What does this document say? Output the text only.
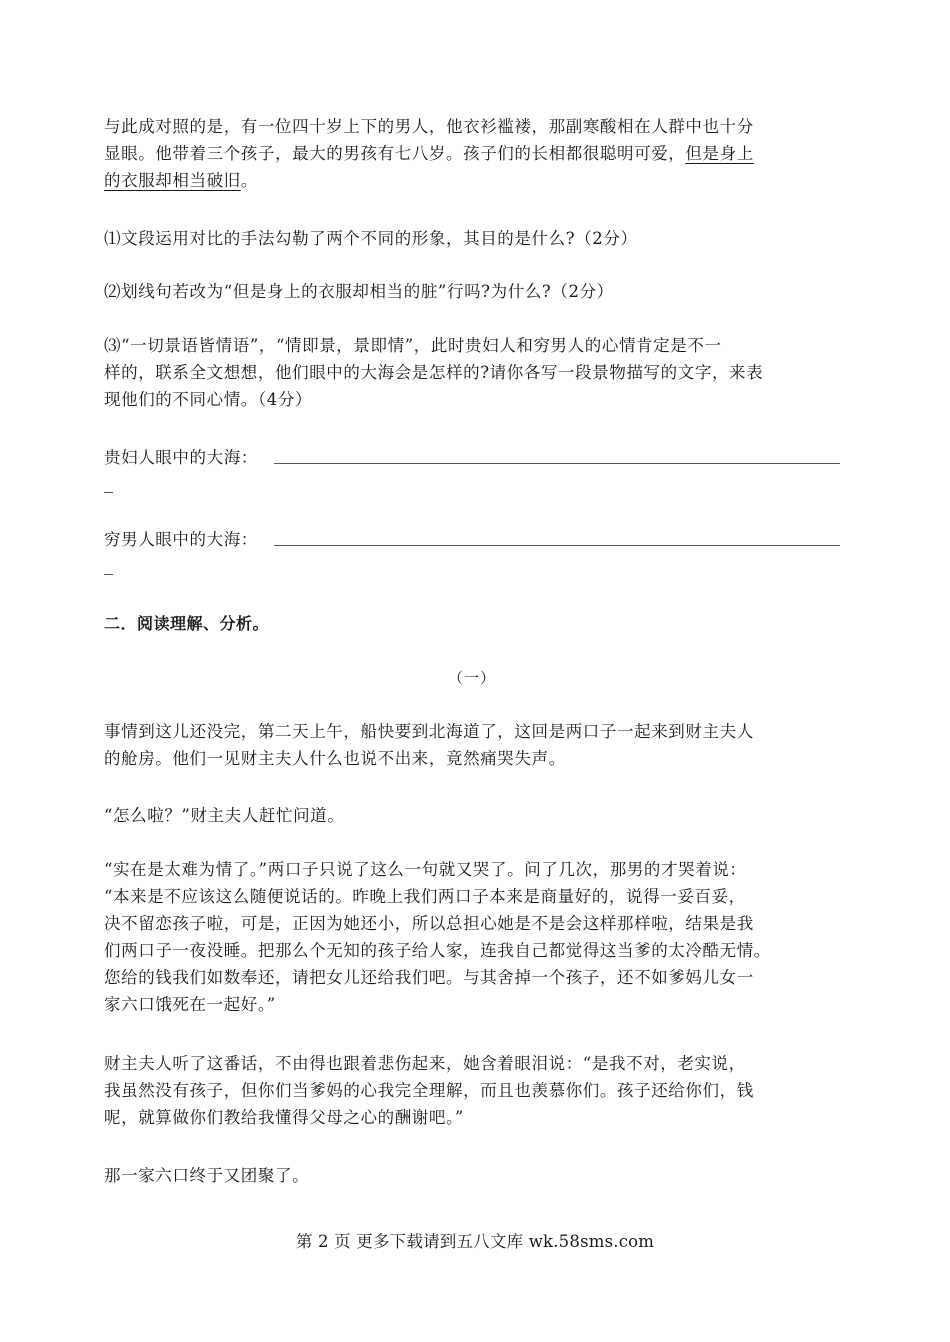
与此成对照的是，有一位四十岁上下的男人，他衣衫褴褛，那副寒酸相在人群中也十分
显眼。他带着三个孩子，最大的男孩有七八岁。孩子们的长相都很聪明可爱，但是身上
的衣服却相当破旧。
⑴文段运用对比的手法勾勒了两个不同的形象，其目的是什么?（2分）
⑵划线句若改为“但是身上的衣服却相当的脏”行吗?为什么?（2分）
⑶“一切景语皆情语”，“情即景，景即情”，此时贵妇人和穷男人的心情肯定是不一
样的，联系全文想想，他们眼中的大海会是怎样的?请你各写一段景物描写的文字，来表
现他们的不同心情。（4分）
贵妇人眼中的大海：
穷男人眼中的大海：
二．阅读理解、分析。
（一）
事情到这儿还没完，第二天上午，船快要到北海道了，这回是两口子一起来到财主夫人
的舱房。他们一见财主夫人什么也说不出来，竟然痛哭失声。
“怎么啦？”财主夫人赶忙问道。
“实在是太难为情了。”两口子只说了这么一句就又哭了。问了几次，那男的才哭着说：
“本来是不应该这么随便说话的。昨晚上我们两口子本来是商量好的，说得一妥百妥，
决不留恋孩子啦，可是，正因为她还小，所以总担心她是不是会这样那样啦，结果是我
们两口子一夜没睡。把那么个无知的孩子给人家，连我自己都觉得这当爹的太冷酷无情。
您给的钱我们如数奉还，请把女儿还给我们吧。与其舍掉一个孩子，还不如爹妈儿女一
家六口饿死在一起好。”
财主夫人听了这番话，不由得也跟着悲伤起来，她含着眼泪说：“是我不对，老实说，
我虽然没有孩子，但你们当爹妈的心我完全理解，而且也羡慕你们。孩子还给你们，钱
呢，就算做你们教给我懂得父母之心的酬谢吧。”
那一家六口终于又团聚了。
第 2 页 更多下载请到五八文库 wk.58sms.com
